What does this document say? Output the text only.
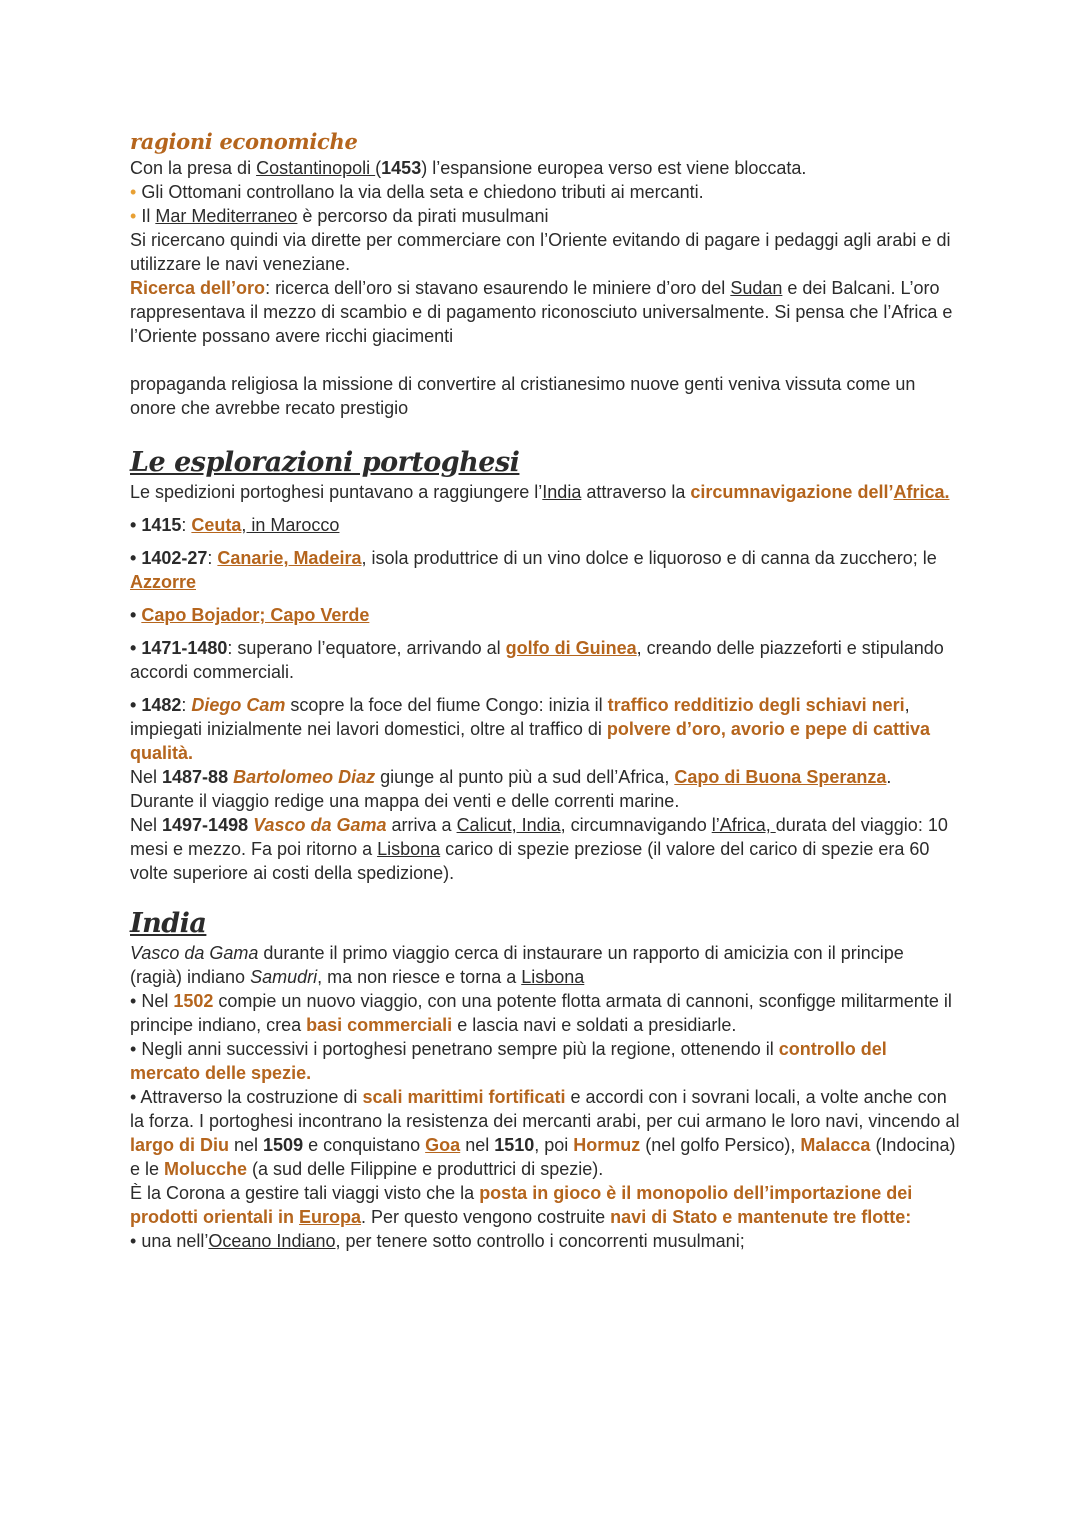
ragioni economiche

Con la presa di Costantinopoli (1453) l’espansione europea verso est viene bloccata.

• Gli Ottomani controllano la via della seta e chiedono tributi ai mercanti.

• Il Mar Mediterraneo è percorso da pirati musulmani

Si ricercano quindi via dirette per commerciare con l’Oriente evitando di pagare i pedaggi agli arabi e di utilizzare le navi veneziane.

Ricerca dell’oro: ricerca dell’oro si stavano esaurendo le miniere d’oro del Sudan e dei Balcani. L’oro rappresentava il mezzo di scambio e di pagamento riconosciuto universalmente. Si pensa che l’Africa e l’Oriente possano avere ricchi giacimenti

propaganda religiosa la missione di convertire al cristianesimo nuove genti veniva vissuta come un onore che avrebbe recato prestigio

Le esplorazioni portoghesi

Le spedizioni portoghesi puntavano a raggiungere l’India attraverso la circumnavigazione dell’Africa.

• 1415: Ceuta, in Marocco

• 1402-27: Canarie, Madeira, isola produttrice di un vino dolce e liquoroso e di canna da zucchero; le Azzorre

• Capo Bojador; Capo Verde

• 1471-1480: superano l’equatore, arrivando al golfo di Guinea, creando delle piazzeforti e stipulando accordi commerciali.

• 1482: Diego Cam scopre la foce del fiume Congo: inizia il traffico redditizio degli schiavi neri, impiegati inizialmente nei lavori domestici, oltre al traffico di polvere d’oro, avorio e pepe di cattiva qualità.

Nel 1487-88 Bartolomeo Diaz giunge al punto più a sud dell’Africa, Capo di Buona Speranza.

Durante il viaggio redige una mappa dei venti e delle correnti marine.

Nel 1497-1498 Vasco da Gama arriva a Calicut, India, circumnavigando l’Africa, durata del viaggio: 10 mesi e mezzo. Fa poi ritorno a Lisbona carico di spezie preziose (il valore del carico di spezie era 60 volte superiore ai costi della spedizione).

India

Vasco da Gama durante il primo viaggio cerca di instaurare un rapporto di amicizia con il principe (ragià) indiano Samudri, ma non riesce e torna a Lisbona

• Nel 1502 compie un nuovo viaggio, con una potente flotta armata di cannoni, sconfigge militarmente il principe indiano, crea basi commerciali e lascia navi e soldati a presidiarle.

• Negli anni successivi i portoghesi penetrano sempre più la regione, ottenendo il controllo del mercato delle spezie.

• Attraverso la costruzione di scali marittimi fortificati e accordi con i sovrani locali, a volte anche con la forza. I portoghesi incontrano la resistenza dei mercanti arabi, per cui armano le loro navi, vincendo al largo di Diu nel 1509 e conquistano Goa nel 1510, poi Hormuz (nel golfo Persico), Malacca (Indocina) e le Molucche (a sud delle Filippine e produttrici di spezie).

È la Corona a gestire tali viaggi visto che la posta in gioco è il monopolio dell’importazione dei prodotti orientali in Europa. Per questo vengono costruite navi di Stato e mantenute tre flotte:

• una nell’Oceano Indiano, per tenere sotto controllo i concorrenti musulmani;
